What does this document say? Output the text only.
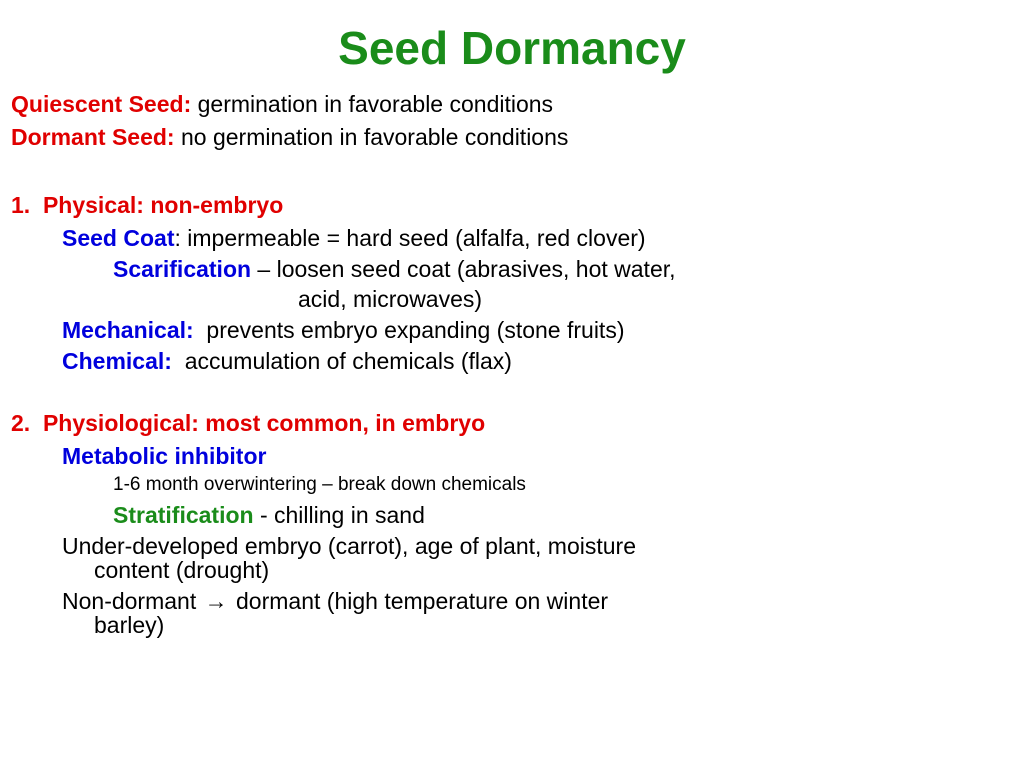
Seed Dormancy
Quiescent Seed: germination in favorable conditions
Dormant Seed: no germination in favorable conditions
1.  Physical: non-embryo
Seed Coat: impermeable = hard seed (alfalfa, red clover)
Scarification – loosen seed coat (abrasives, hot water,
acid, microwaves)
Mechanical:  prevents embryo expanding (stone fruits)
Chemical:  accumulation of chemicals (flax)
2.  Physiological: most common, in embryo
Metabolic inhibitor
1-6 month overwintering – break down chemicals
Stratification - chilling in sand
Under-developed embryo (carrot), age of plant, moisture
content (drought)
Non-dormant → dormant (high temperature on winter
barley)
